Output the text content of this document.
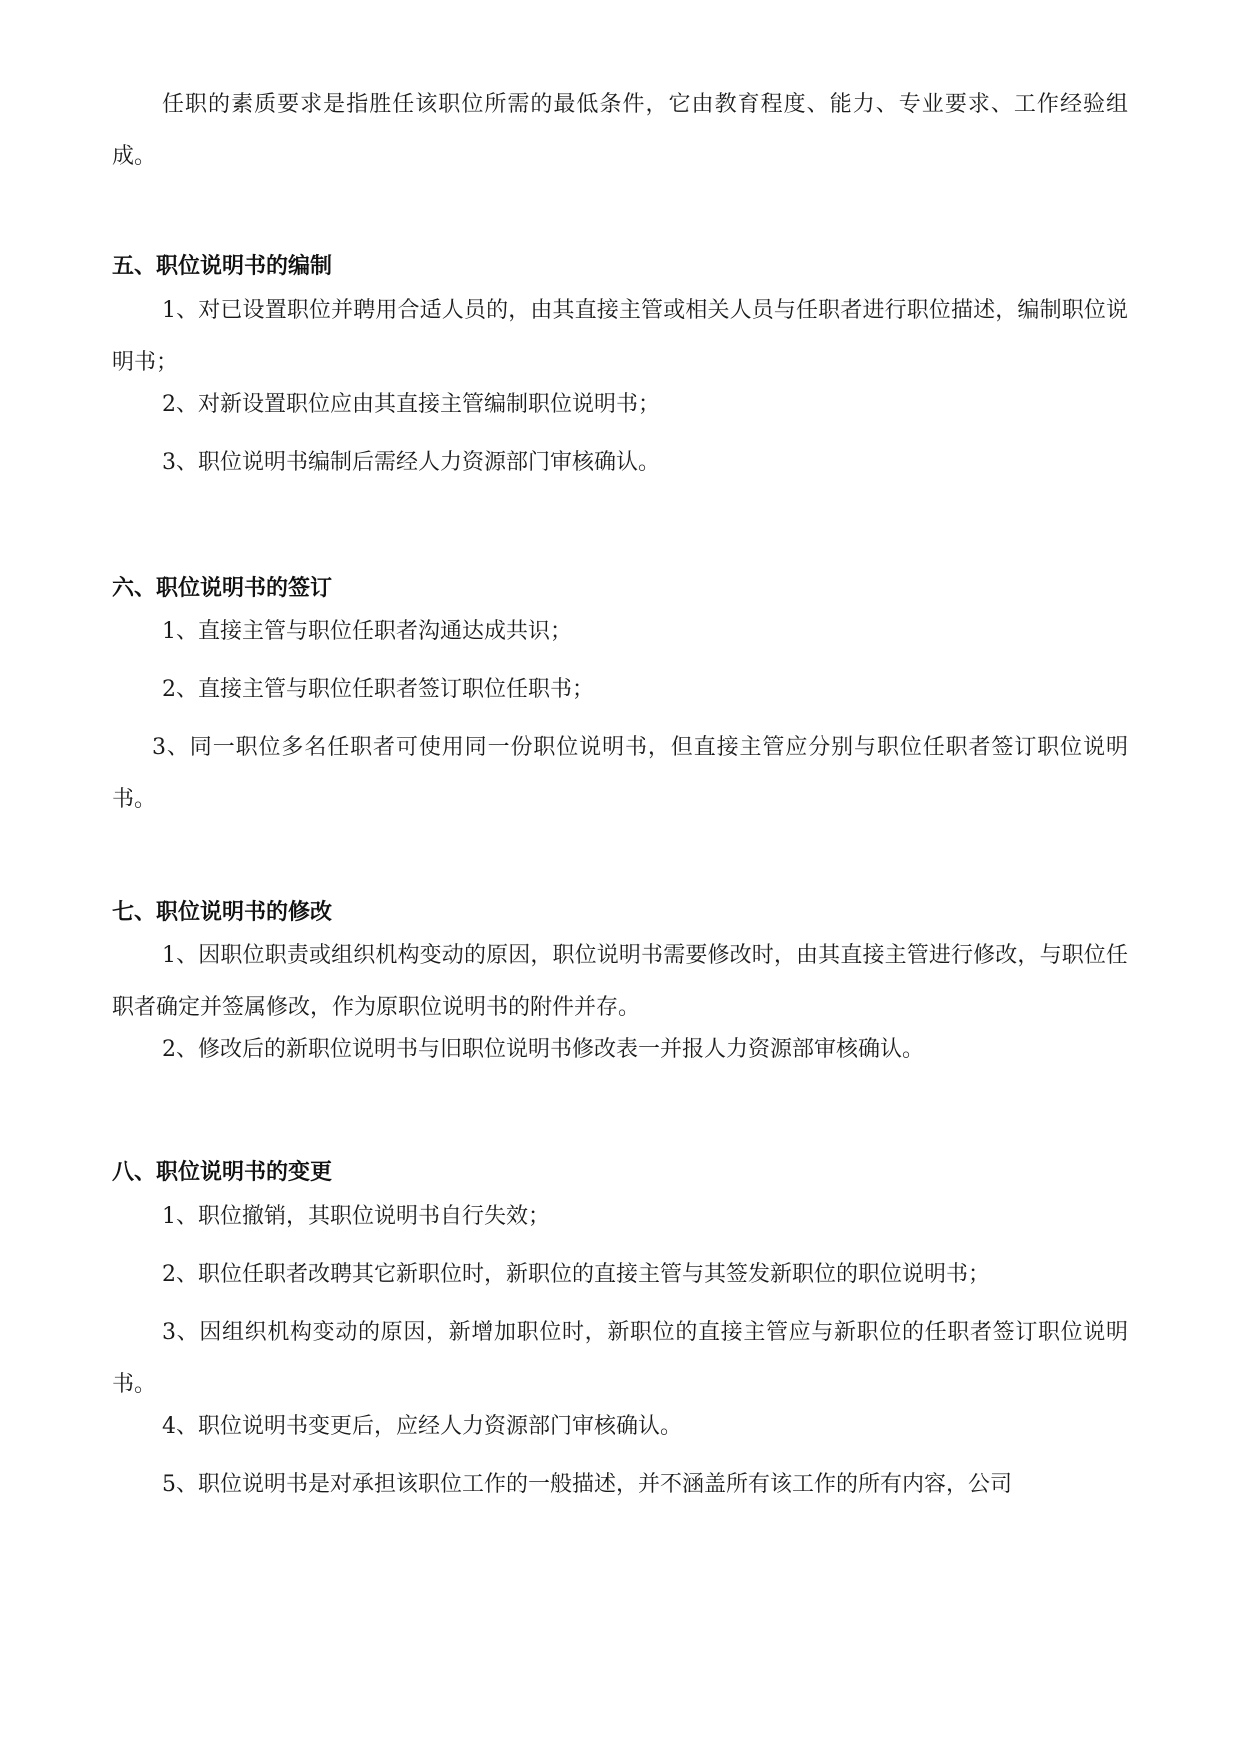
任职的素质要求是指胜任该职位所需的最低条件，它由教育程度、能力、专业要求、工作经验组成。

五、职位说明书的编制

1、对已设置职位并聘用合适人员的，由其直接主管或相关人员与任职者进行职位描述，编制职位说明书；

2、对新设置职位应由其直接主管编制职位说明书；

3、职位说明书编制后需经人力资源部门审核确认。

六、职位说明书的签订

1、直接主管与职位任职者沟通达成共识；

2、直接主管与职位任职者签订职位任职书；

3、同一职位多名任职者可使用同一份职位说明书，但直接主管应分别与职位任职者签订职位说明书。

七、职位说明书的修改

1、因职位职责或组织机构变动的原因，职位说明书需要修改时，由其直接主管进行修改，与职位任职者确定并签属修改，作为原职位说明书的附件并存。

2、修改后的新职位说明书与旧职位说明书修改表一并报人力资源部审核确认。

八、职位说明书的变更

1、职位撤销，其职位说明书自行失效；

2、职位任职者改聘其它新职位时，新职位的直接主管与其签发新职位的职位说明书；

3、因组织机构变动的原因，新增加职位时，新职位的直接主管应与新职位的任职者签订职位说明书。

4、职位说明书变更后，应经人力资源部门审核确认。

5、职位说明书是对承担该职位工作的一般描述，并不涵盖所有该工作的所有内容，公司
